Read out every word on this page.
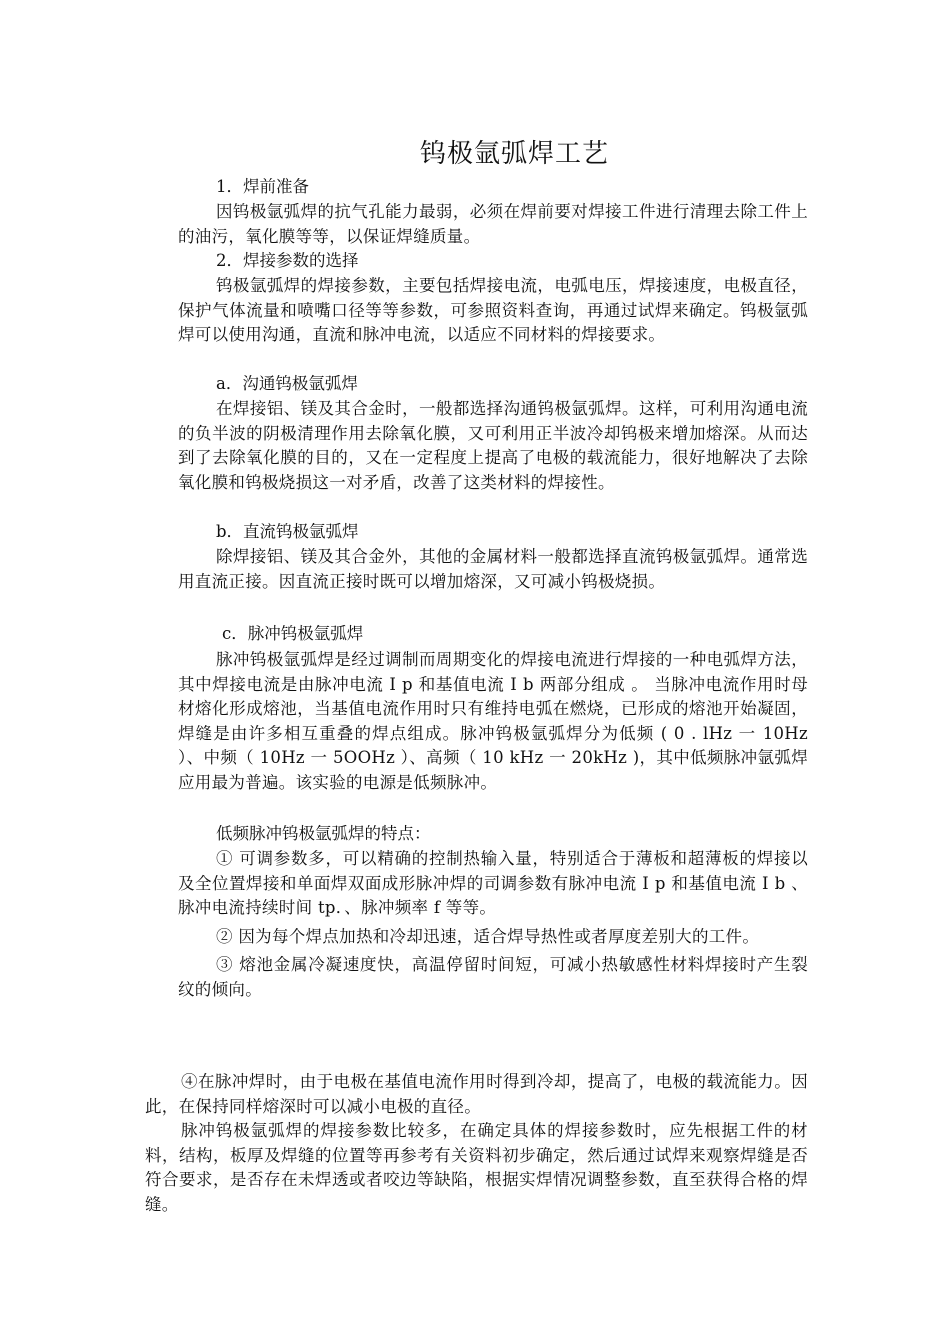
钨极氩弧焊工艺
1．焊前准备

因钨极氩弧焊的抗气孔能力最弱，必须在焊前要对焊接工件进行清理去除工件上的油污，氧化膜等等，以保证焊缝质量。

2．焊接参数的选择

钨极氩弧焊的焊接参数，主要包括焊接电流，电弧电压，焊接速度，电极直径，保护气体流量和喷嘴口径等等参数，可参照资料查询，再通过试焊来确定。钨极氩弧焊可以使用沟通，直流和脉冲电流，以适应不同材料的焊接要求。

a．沟通钨极氩弧焊

在焊接铝、镁及其合金时，一般都选择沟通钨极氩弧焊。这样，可利用沟通电流的负半波的阴极清理作用去除氧化膜，又可利用正半波冷却钨极来增加熔深。从而达到了去除氧化膜的目的，又在一定程度上提高了电极的载流能力，很好地解决了去除氧化膜和钨极烧损这一对矛盾，改善了这类材料的焊接性。

b．直流钨极氩弧焊

除焊接铝、镁及其合金外，其他的金属材料一般都选择直流钨极氩弧焊。通常选用直流正接。因直流正接时既可以增加熔深，又可减小钨极烧损。

c．脉冲钨极氩弧焊

脉冲钨极氩弧焊是经过调制而周期变化的焊接电流进行焊接的一种电弧焊方法，其中焊接电流是由脉冲电流 I p 和基值电流 I b 两部分组成 。 当脉冲电流作用时母材熔化形成熔池，当基值电流作用时只有维持电弧在燃烧，已形成的熔池开始凝固，焊缝是由许多相互重叠的焊点组成。脉冲钨极氩弧焊分为低频 ( 0 . lHz 一 10Hz ）、中频（ 10Hz 一 5OOHz ）、高频（ 10 kHz 一 20kHz )，其中低频脉冲氩弧焊应用最为普遍。该实验的电源是低频脉冲。

低频脉冲钨极氩弧焊的特点：

① 可调参数多，可以精确的控制热输入量，特别适合于薄板和超薄板的焊接以及全位置焊接和单面焊双面成形脉冲焊的司调参数有脉冲电流 I p 和基值电流 I b 、脉冲电流持续时间 tp．、脉冲频率 f 等等。

② 因为每个焊点加热和冷却迅速，适合焊导热性或者厚度差别大的工件。

③ 熔池金属冷凝速度快，高温停留时间短，可减小热敏感性材料焊接时产生裂纹的倾向。

④在脉冲焊时，由于电极在基值电流作用时得到冷却，提高了，电极的载流能力。因此，在保持同样熔深时可以减小电极的直径。

脉冲钨极氩弧焊的焊接参数比较多，在确定具体的焊接参数时，应先根据工件的材料，结构，板厚及焊缝的位置等再参考有关资料初步确定，然后通过试焊来观察焊缝是否符合要求，是否存在未焊透或者咬边等缺陷，根据实焊情况调整参数，直至获得合格的焊缝。
